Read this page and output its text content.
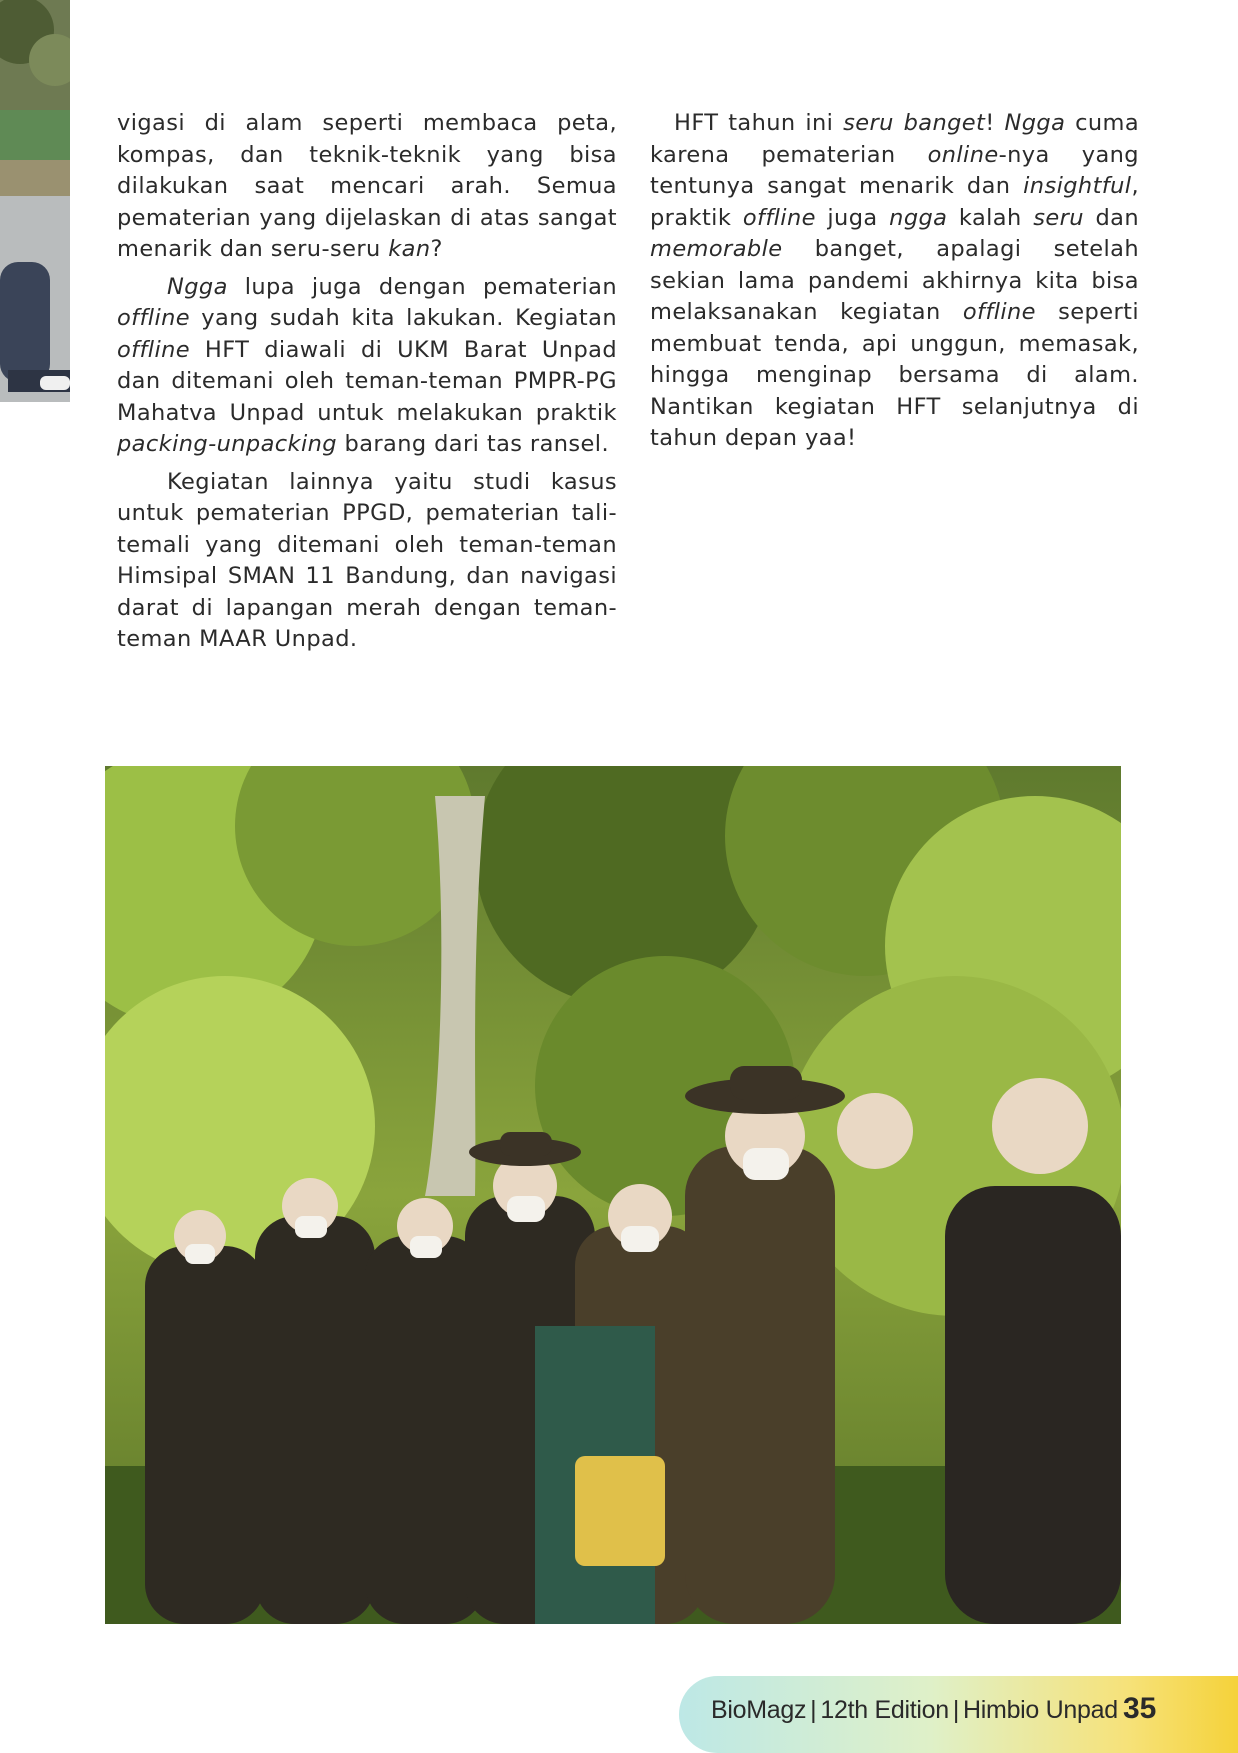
vigasi di alam seperti membaca peta, kompas, dan teknik-teknik yang bisa dilakukan saat mencari arah. Semua pematerian yang dijelaskan di atas sangat menarik dan seru-seru kan?

Ngga lupa juga dengan pematerian offline yang sudah kita lakukan. Kegiatan offline HFT diawali di UKM Barat Unpad dan ditemani oleh teman-teman PMPR-PG Mahatva Unpad untuk melakukan praktik packing-unpacking barang dari tas ransel.

Kegiatan lainnya yaitu studi kasus untuk pematerian PPGD, pematerian tali-temali yang ditemani oleh teman-teman Himsipal SMAN 11 Bandung, dan navigasi darat di lapangan merah dengan teman-teman MAAR Unpad.

HFT tahun ini seru banget! Ngga cuma karena pematerian online-nya yang tentunya sangat menarik dan insightful, praktik offline juga ngga kalah seru dan memorable banget, apalagi setelah sekian lama pandemi akhirnya kita bisa melaksanakan kegiatan offline seperti membuat tenda, api unggun, memasak, hingga menginap bersama di alam. Nantikan kegiatan HFT selanjutnya di tahun depan yaa!

BioMagz | 12th Edition | Himbio Unpad 35
